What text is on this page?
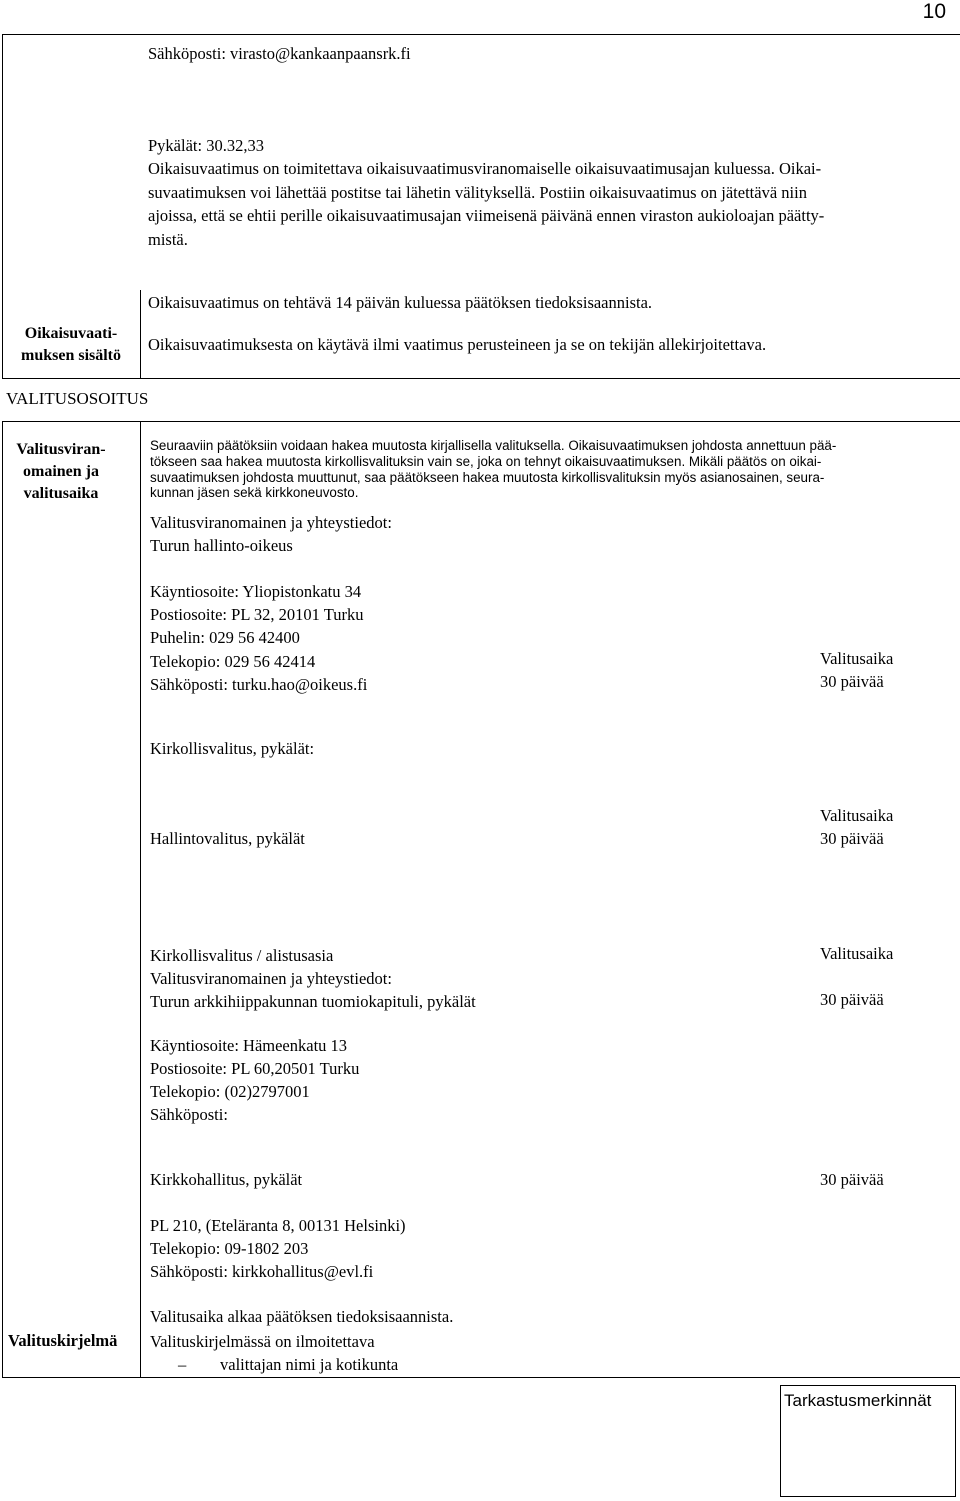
10
Sähköposti: virasto@kankaanpaansrk.fi
Pykälät: 30.32,33
Oikaisuvaatimus on toimitettava oikaisuvaatimusviranomaiselle oikaisuvaatimusajan kuluessa. Oikai-
suvaatimuksen voi lähettää postitse tai lähetin välityksellä. Postiin oikaisuvaatimus on jätettävä niin
ajoissa, että se ehtii perille oikaisuvaatimusajan viimeisenä päivänä ennen viraston aukioloajan päätty-
mistä.
Oikaisuvaati-
muksen sisältö
Oikaisuvaatimus on tehtävä 14 päivän kuluessa päätöksen tiedoksisaannista.
Oikaisuvaatimuksesta on käytävä ilmi vaatimus perusteineen ja se on tekijän allekirjoitettava.
VALITUSOSOITUS
Valitusviran-
omainen ja
valitusaika
Seuraaviin päätöksiin voidaan hakea muutosta kirjallisella valituksella. Oikaisuvaatimuksen johdosta annettuun pää-
tökseen saa hakea muutosta kirkollisvalituksin vain se, joka on tehnyt oikaisuvaatimuksen. Mikäli päätös on oikai-
suvaatimuksen johdosta muuttunut, saa päätökseen hakea muutosta kirkollisvalituksin myös asianosainen, seura-
kunnan jäsen sekä kirkkoneuvosto.
Valitusviranomainen ja yhteystiedot:
Turun hallinto-oikeus
Käyntiosoite: Yliopistonkatu 34
Postiosoite: PL 32, 20101 Turku
Puhelin: 029 56 42400
Telekopio: 029 56 42414
Sähköposti: turku.hao@oikeus.fi
Valitusaika
30 päivää
Kirkollisvalitus, pykälät:
Hallintovalitus, pykälät
Valitusaika
30 päivää
Kirkollisvalitus / alistusasia
Valitusviranomainen ja yhteystiedot:
Turun arkkihiippakunnan tuomiokapituli, pykälät
Valitusaika
30 päivää
Käyntiosoite: Hämeenkatu 13
Postiosoite: PL 60,20501 Turku
Telekopio: (02)2797001
Sähköposti:
Kirkkohallitus, pykälät	30 päivää
PL 210, (Eteläranta 8, 00131 Helsinki)
Telekopio: 09-1802 203
Sähköposti: kirkkohallitus@evl.fi
Valitusaika alkaa päätöksen tiedoksisaannista.
Valituskirjelmä Valituskirjelmässä on ilmoitettava
– valittajan nimi ja kotikunta
Tarkastusmerkinnät
